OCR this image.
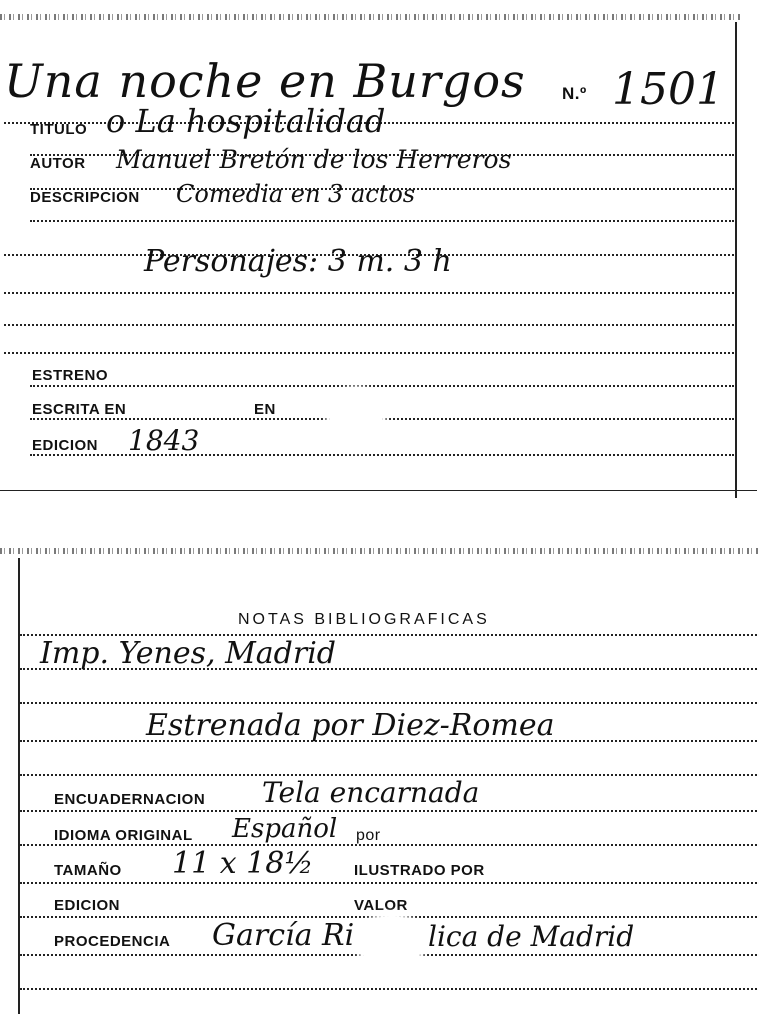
Una noche en Burgos N.º 1501
TITULO o La hospitalidad
AUTOR Manuel Bretón de los Herreros
DESCRIPCION Comedia en 3 actos
Personajes: 3 m. 3 h
ESTRENO
ESCRITA EN	EN
EDICION 1843
NOTAS BIBLIOGRAFICAS
Imp. Yenes, Madrid
Estrenada por Diez-Romea
ENCUADERNACION Tela encarnada
IDIOMA ORIGINAL Español por
TAMAÑO 11 x 18½	ILUSTRADO POR
EDICION	VALOR
PROCEDENCIA García Ri	lica de Madrid
